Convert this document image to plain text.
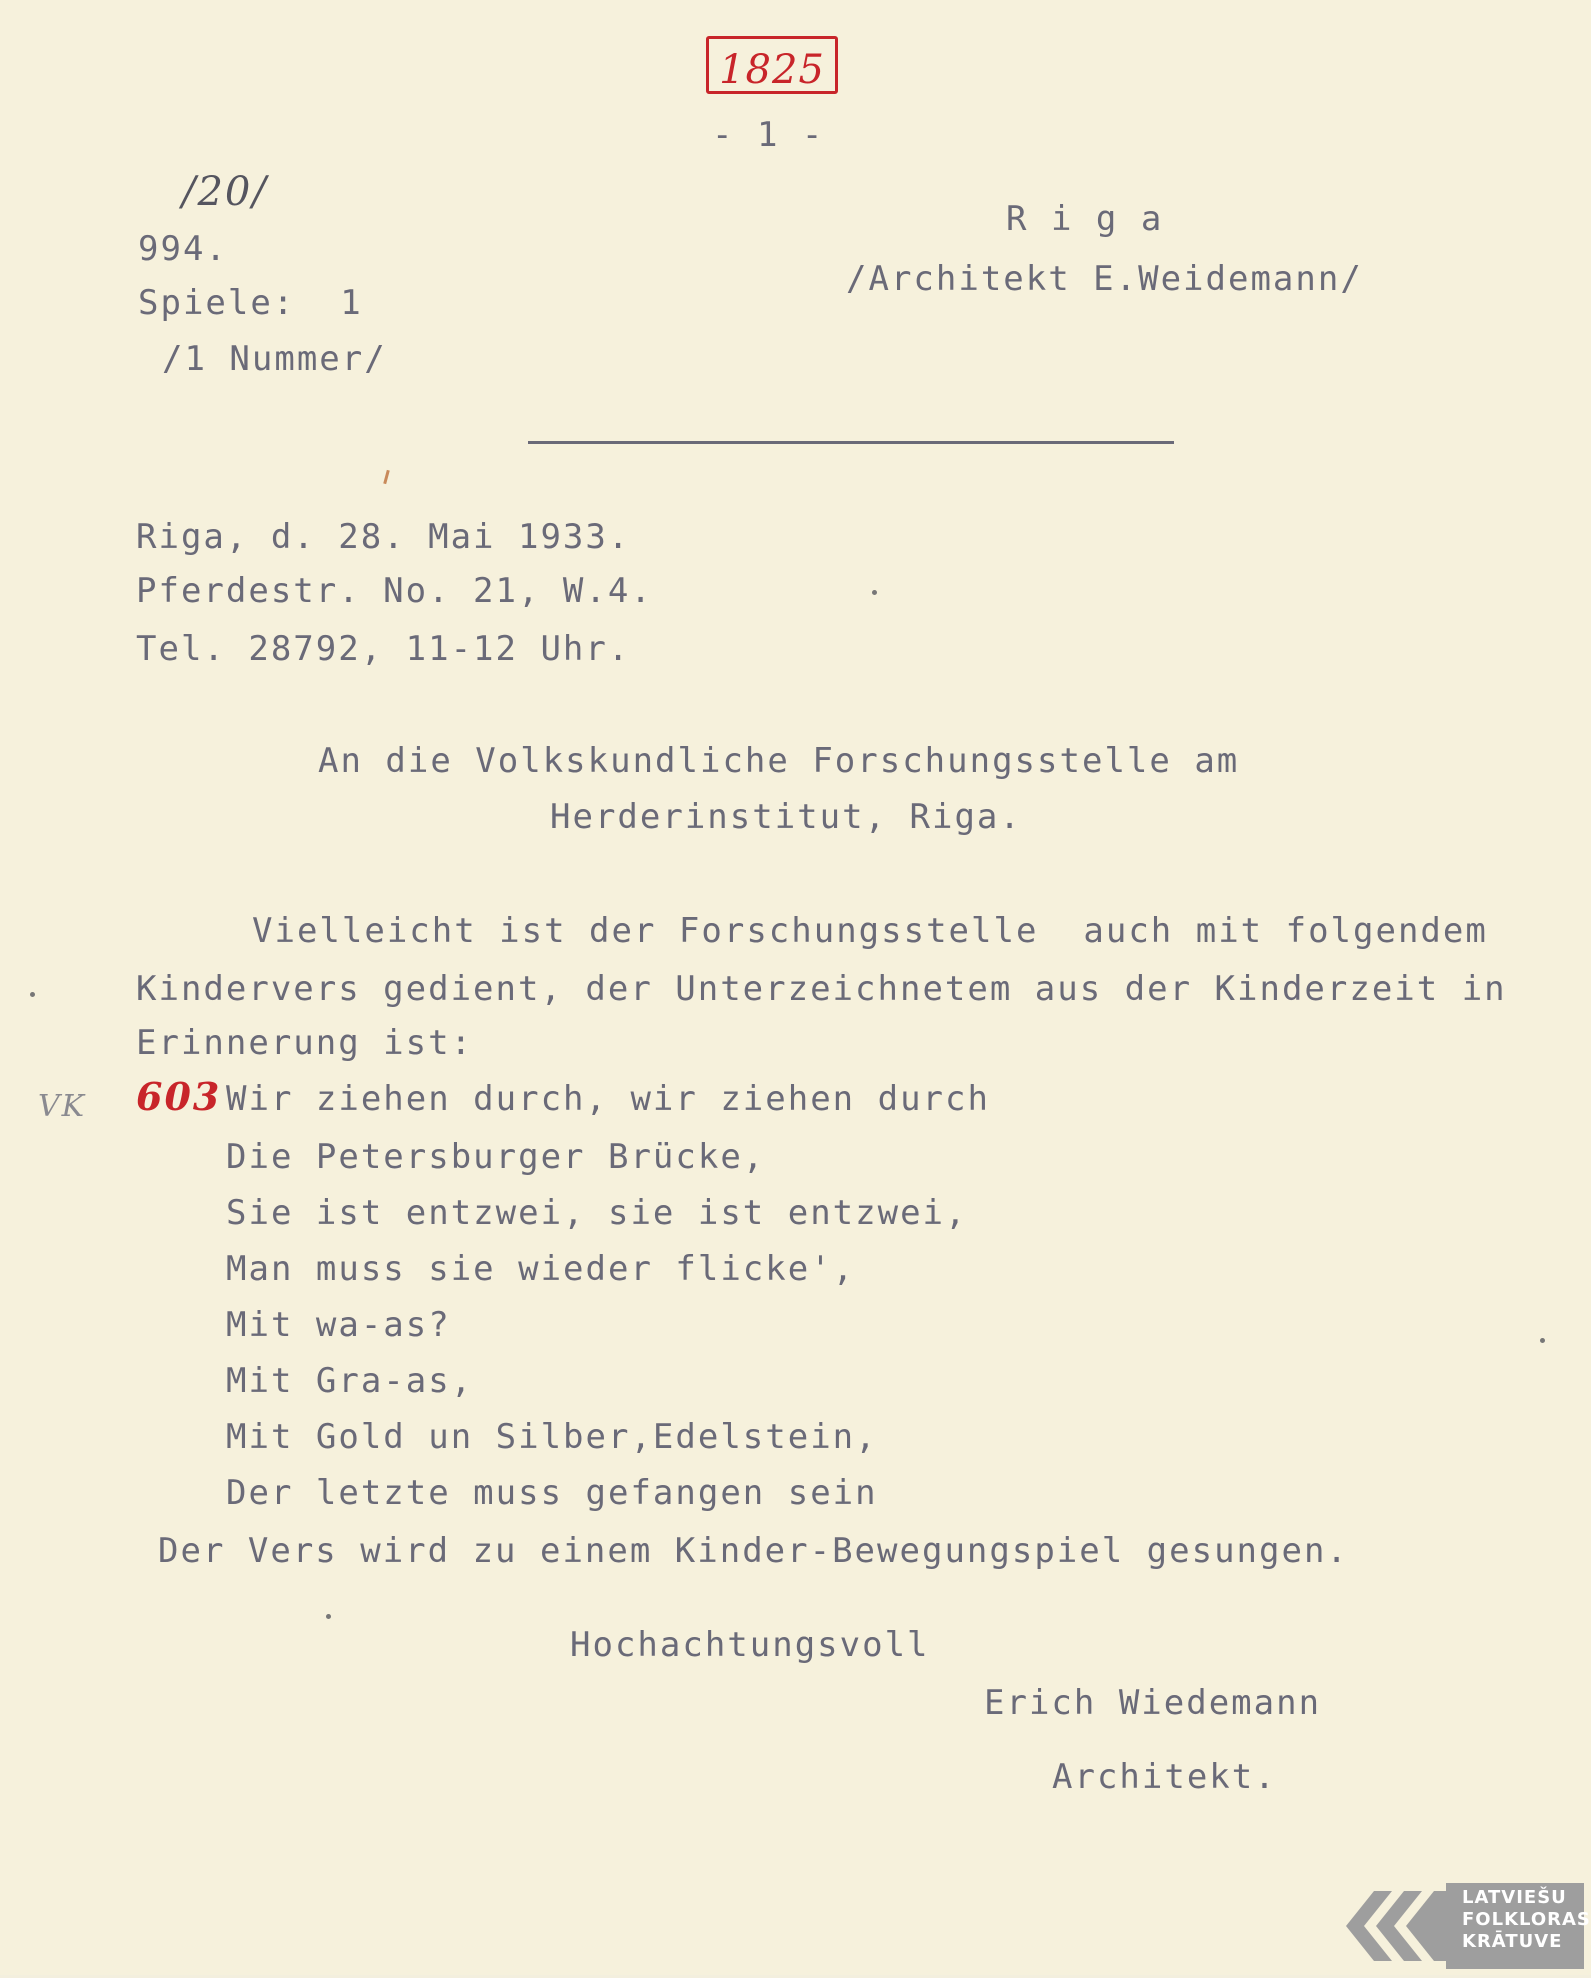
1825
- 1 -
/20/
994.
Spiele:  1
/1 Nummer/
R i g a
/Architekt E.Weidemann/
Riga, d. 28. Mai 1933.
Pferdestr. No. 21, W.4.
Tel. 28792, 11-12 Uhr.
An die Volkskundliche Forschungsstelle am
Herderinstitut, Riga.
Vielleicht ist der Forschungsstelle  auch mit folgendem
Kindervers gedient, der Unterzeichnetem aus der Kinderzeit in
Erinnerung ist:
VK 603 Wir ziehen durch, wir ziehen durch
Die Petersburger Brücke,
Sie ist entzwei, sie ist entzwei,
Man muss sie wieder flicke',
Mit wa-as?
Mit Gra-as,
Mit Gold un Silber,Edelstein,
Der letzte muss gefangen sein
Der Vers wird zu einem Kinder-Bewegungspiel gesungen.
Hochachtungsvoll
Erich Wiedemann
Architekt.
LATVIEŠU
FOLKLORAS
KRĀTUVE
